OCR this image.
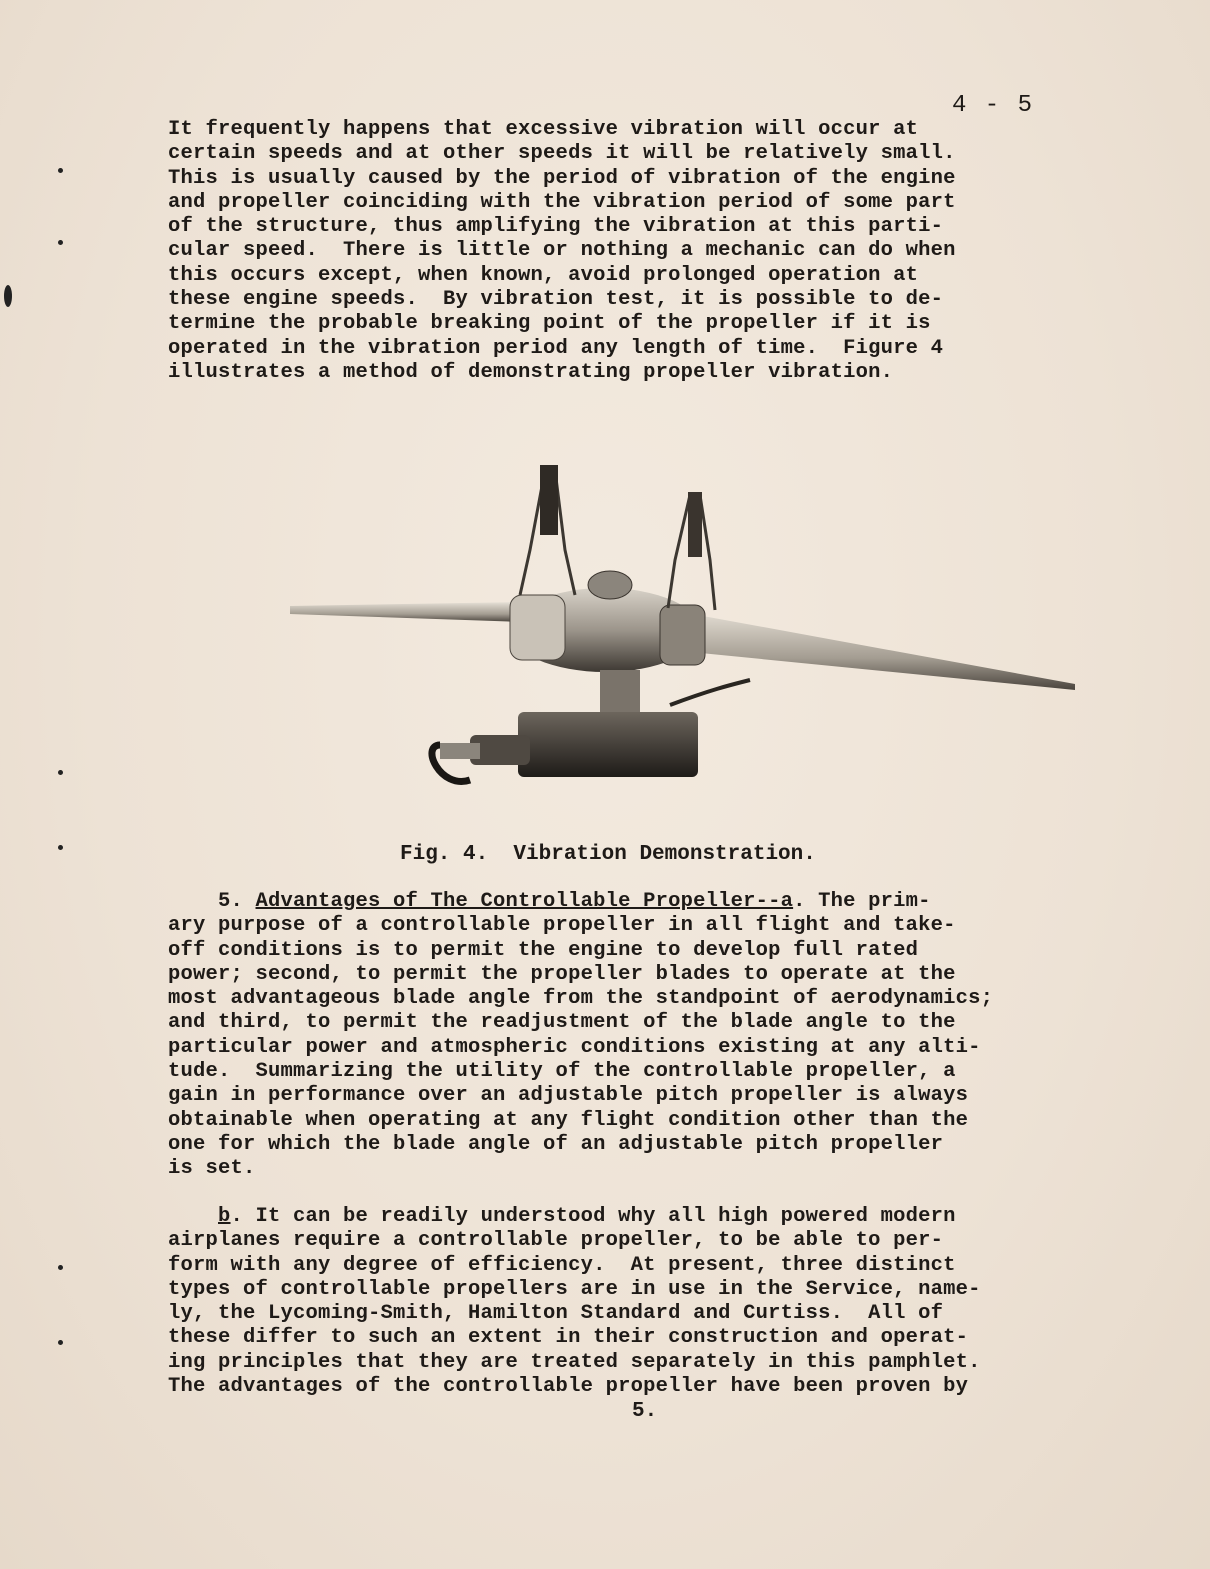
4 - 5
It frequently happens that excessive vibration will occur at
certain speeds and at other speeds it will be relatively small.
This is usually caused by the period of vibration of the engine
and propeller coinciding with the vibration period of some part
of the structure, thus amplifying the vibration at this parti-
cular speed.  There is little or nothing a mechanic can do when
this occurs except, when known, avoid prolonged operation at
these engine speeds.  By vibration test, it is possible to de-
termine the probable breaking point of the propeller if it is
operated in the vibration period any length of time.  Figure 4
illustrates a method of demonstrating propeller vibration.
Fig. 4.  Vibration Demonstration.
5. Advantages of The Controllable Propeller--a. The prim-
ary purpose of a controllable propeller in all flight and take-
off conditions is to permit the engine to develop full rated
power; second, to permit the propeller blades to operate at the
most advantageous blade angle from the standpoint of aerodynamics;
and third, to permit the readjustment of the blade angle to the
particular power and atmospheric conditions existing at any alti-
tude.  Summarizing the utility of the controllable propeller, a
gain in performance over an adjustable pitch propeller is always
obtainable when operating at any flight condition other than the
one for which the blade angle of an adjustable pitch propeller
is set.
b. It can be readily understood why all high powered modern
airplanes require a controllable propeller, to be able to per-
form with any degree of efficiency.  At present, three distinct
types of controllable propellers are in use in the Service, name-
ly, the Lycoming-Smith, Hamilton Standard and Curtiss.  All of
these differ to such an extent in their construction and operat-
ing principles that they are treated separately in this pamphlet.
The advantages of the controllable propeller have been proven by
5.
